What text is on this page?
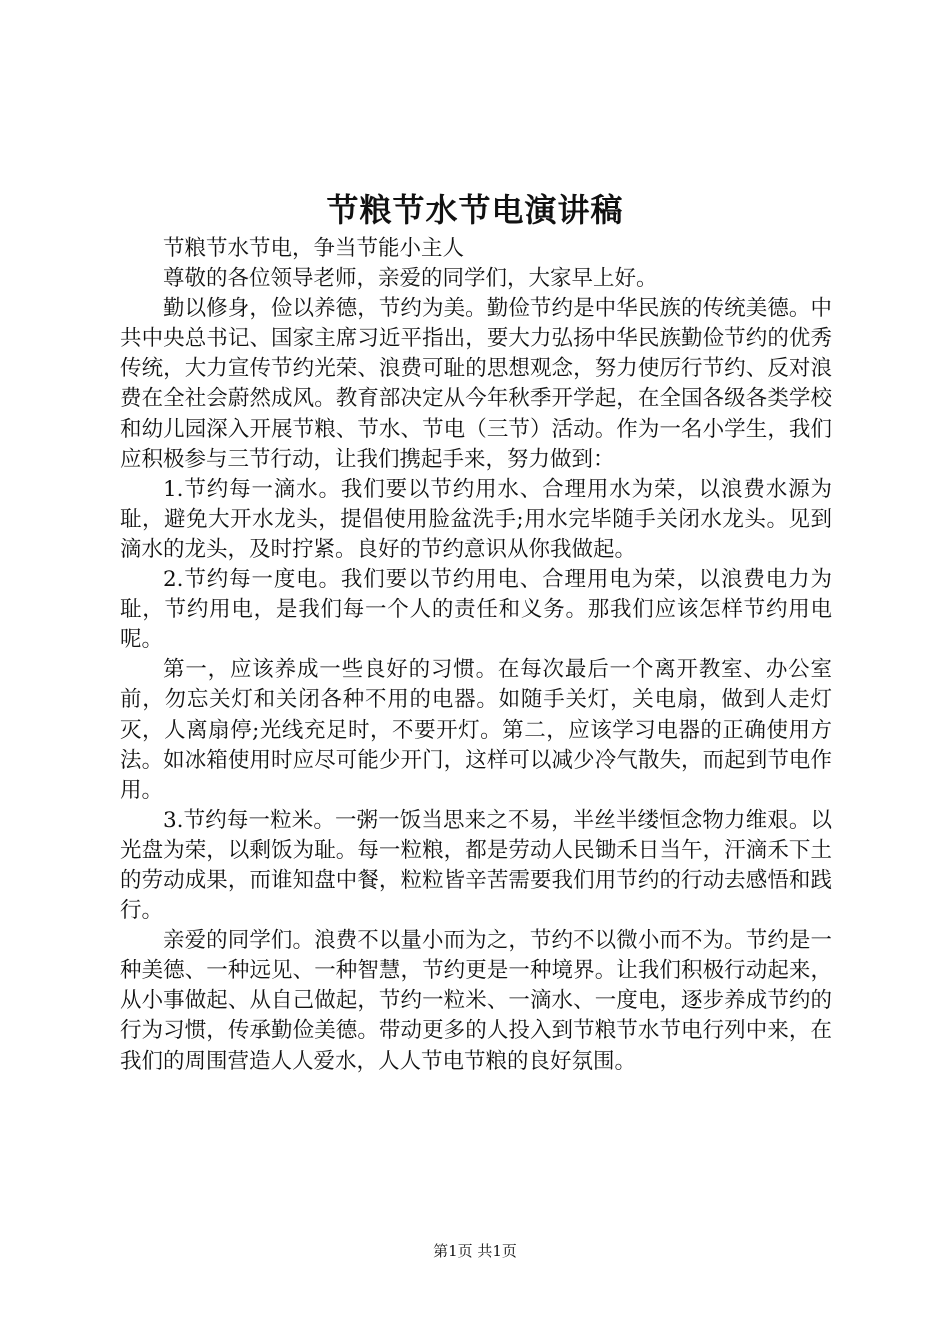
节粮节水节电演讲稿

节粮节水节电，争当节能小主人

尊敬的各位领导老师，亲爱的同学们，大家早上好。

勤以修身，俭以养德，节约为美。勤俭节约是中华民族的传统美德。中共中央总书记、国家主席习近平指出，要大力弘扬中华民族勤俭节约的优秀传统，大力宣传节约光荣、浪费可耻的思想观念，努力使厉行节约、反对浪费在全社会蔚然成风。教育部决定从今年秋季开学起，在全国各级各类学校和幼儿园深入开展节粮、节水、节电（三节）活动。作为一名小学生，我们应积极参与三节行动，让我们携起手来，努力做到：

1.节约每一滴水。我们要以节约用水、合理用水为荣，以浪费水源为耻，避免大开水龙头，提倡使用脸盆洗手;用水完毕随手关闭水龙头。见到滴水的龙头，及时拧紧。良好的节约意识从你我做起。

2.节约每一度电。我们要以节约用电、合理用电为荣，以浪费电力为耻，节约用电，是我们每一个人的责任和义务。那我们应该怎样节约用电呢。

第一，应该养成一些良好的习惯。在每次最后一个离开教室、办公室前，勿忘关灯和关闭各种不用的电器。如随手关灯，关电扇，做到人走灯灭，人离扇停;光线充足时，不要开灯。第二，应该学习电器的正确使用方法。如冰箱使用时应尽可能少开门，这样可以减少冷气散失，而起到节电作用。

3.节约每一粒米。一粥一饭当思来之不易，半丝半缕恒念物力维艰。以光盘为荣，以剩饭为耻。每一粒粮，都是劳动人民锄禾日当午，汗滴禾下土的劳动成果，而谁知盘中餐，粒粒皆辛苦需要我们用节约的行动去感悟和践行。

亲爱的同学们。浪费不以量小而为之，节约不以微小而不为。节约是一种美德、一种远见、一种智慧，节约更是一种境界。让我们积极行动起来，从小事做起、从自己做起，节约一粒米、一滴水、一度电，逐步养成节约的行为习惯，传承勤俭美德。带动更多的人投入到节粮节水节电行列中来，在我们的周围营造人人爱水，人人节电节粮的良好氛围。

第1页 共1页
